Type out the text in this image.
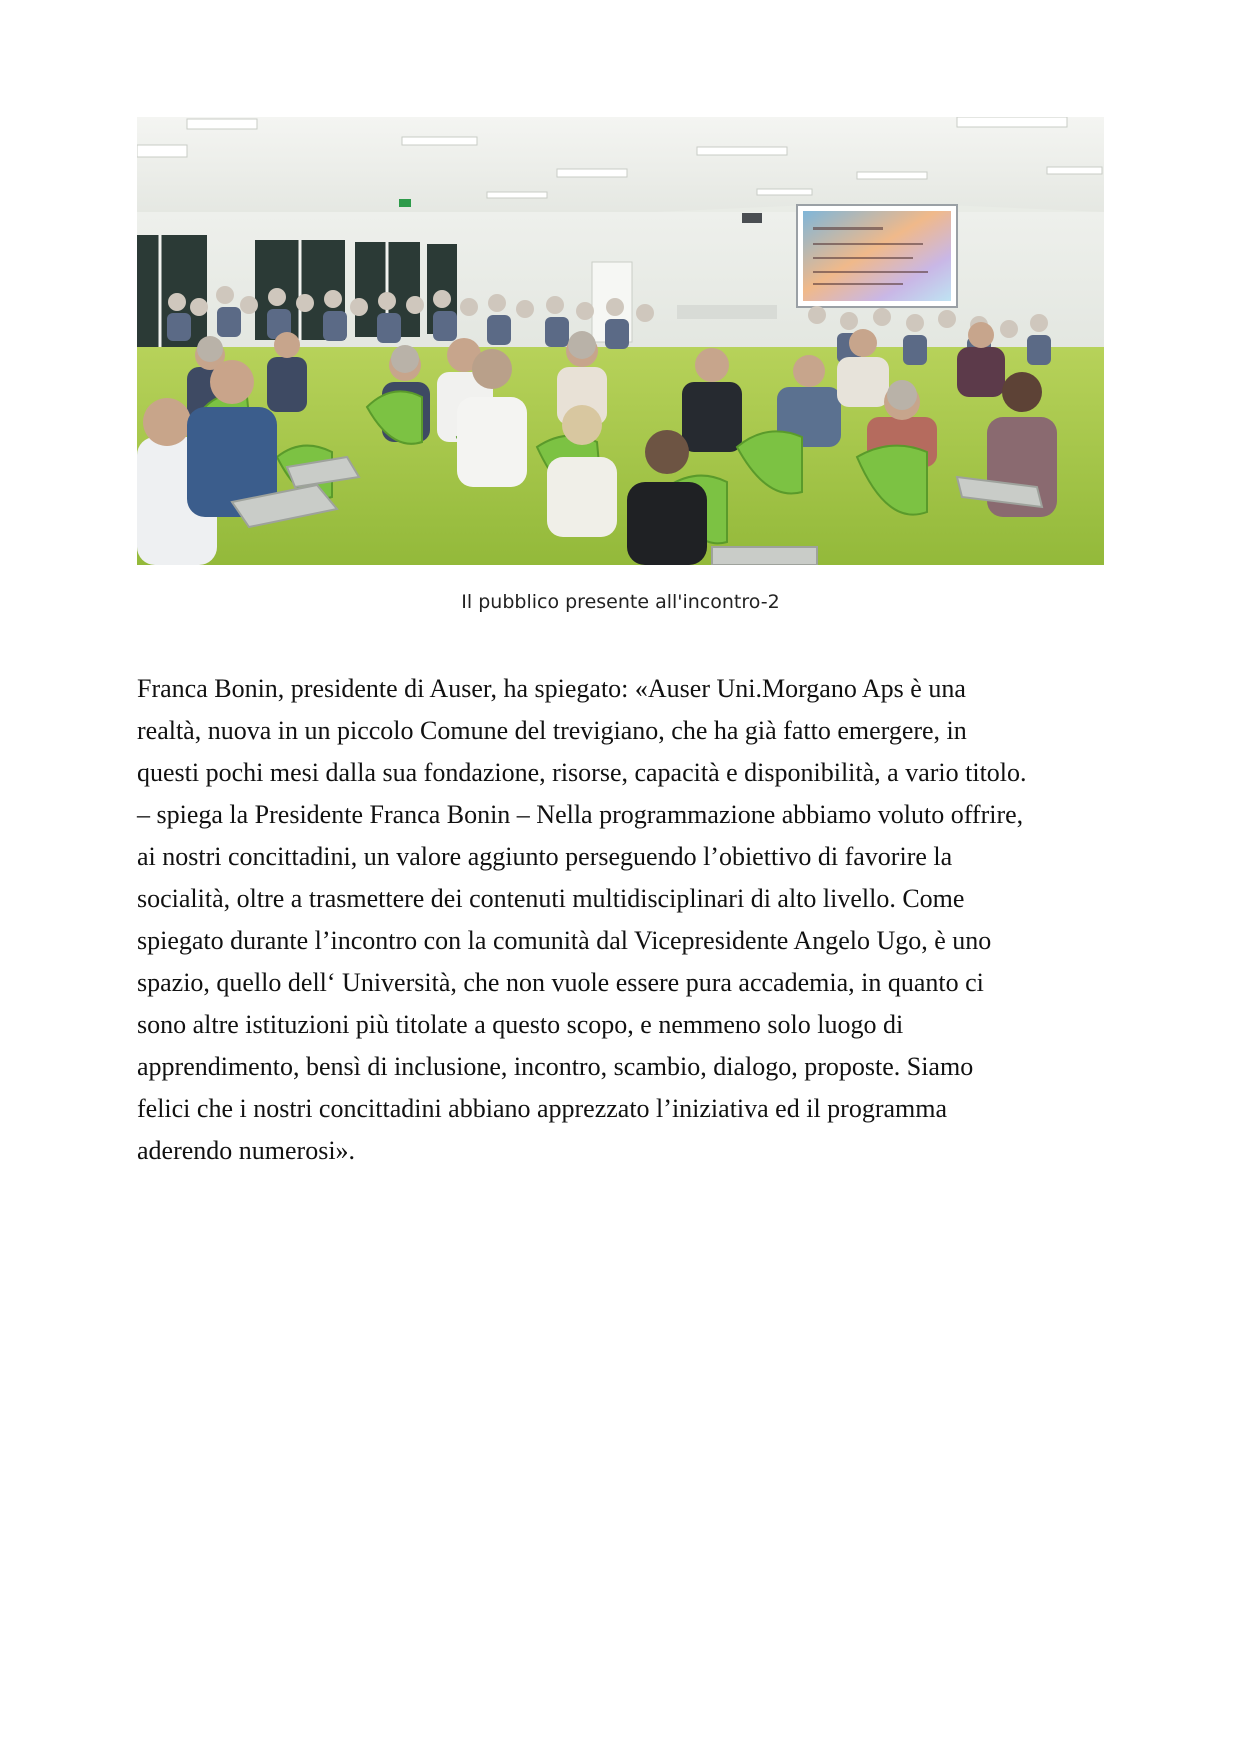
Il pubblico presente all'incontro-2
Franca Bonin, presidente di Auser, ha spiegato: «Auser Uni.Morgano Aps è una
realtà, nuova in un piccolo Comune del trevigiano, che ha già fatto emergere, in
questi pochi mesi dalla sua fondazione, risorse, capacità e disponibilità, a vario titolo.
– spiega la Presidente Franca Bonin – Nella programmazione abbiamo voluto offrire,
ai nostri concittadini, un valore aggiunto perseguendo l’obiettivo di favorire la
socialità, oltre a trasmettere dei contenuti multidisciplinari di alto livello. Come
spiegato durante l’incontro con la comunità dal Vicepresidente Angelo Ugo, è uno
spazio, quello dell‘ Università, che non vuole essere pura accademia, in quanto ci
sono altre istituzioni più titolate a questo scopo, e nemmeno solo luogo di
apprendimento, bensì di inclusione, incontro, scambio, dialogo, proposte. Siamo
felici che i nostri concittadini abbiano apprezzato l’iniziativa ed il programma
aderendo numerosi».
